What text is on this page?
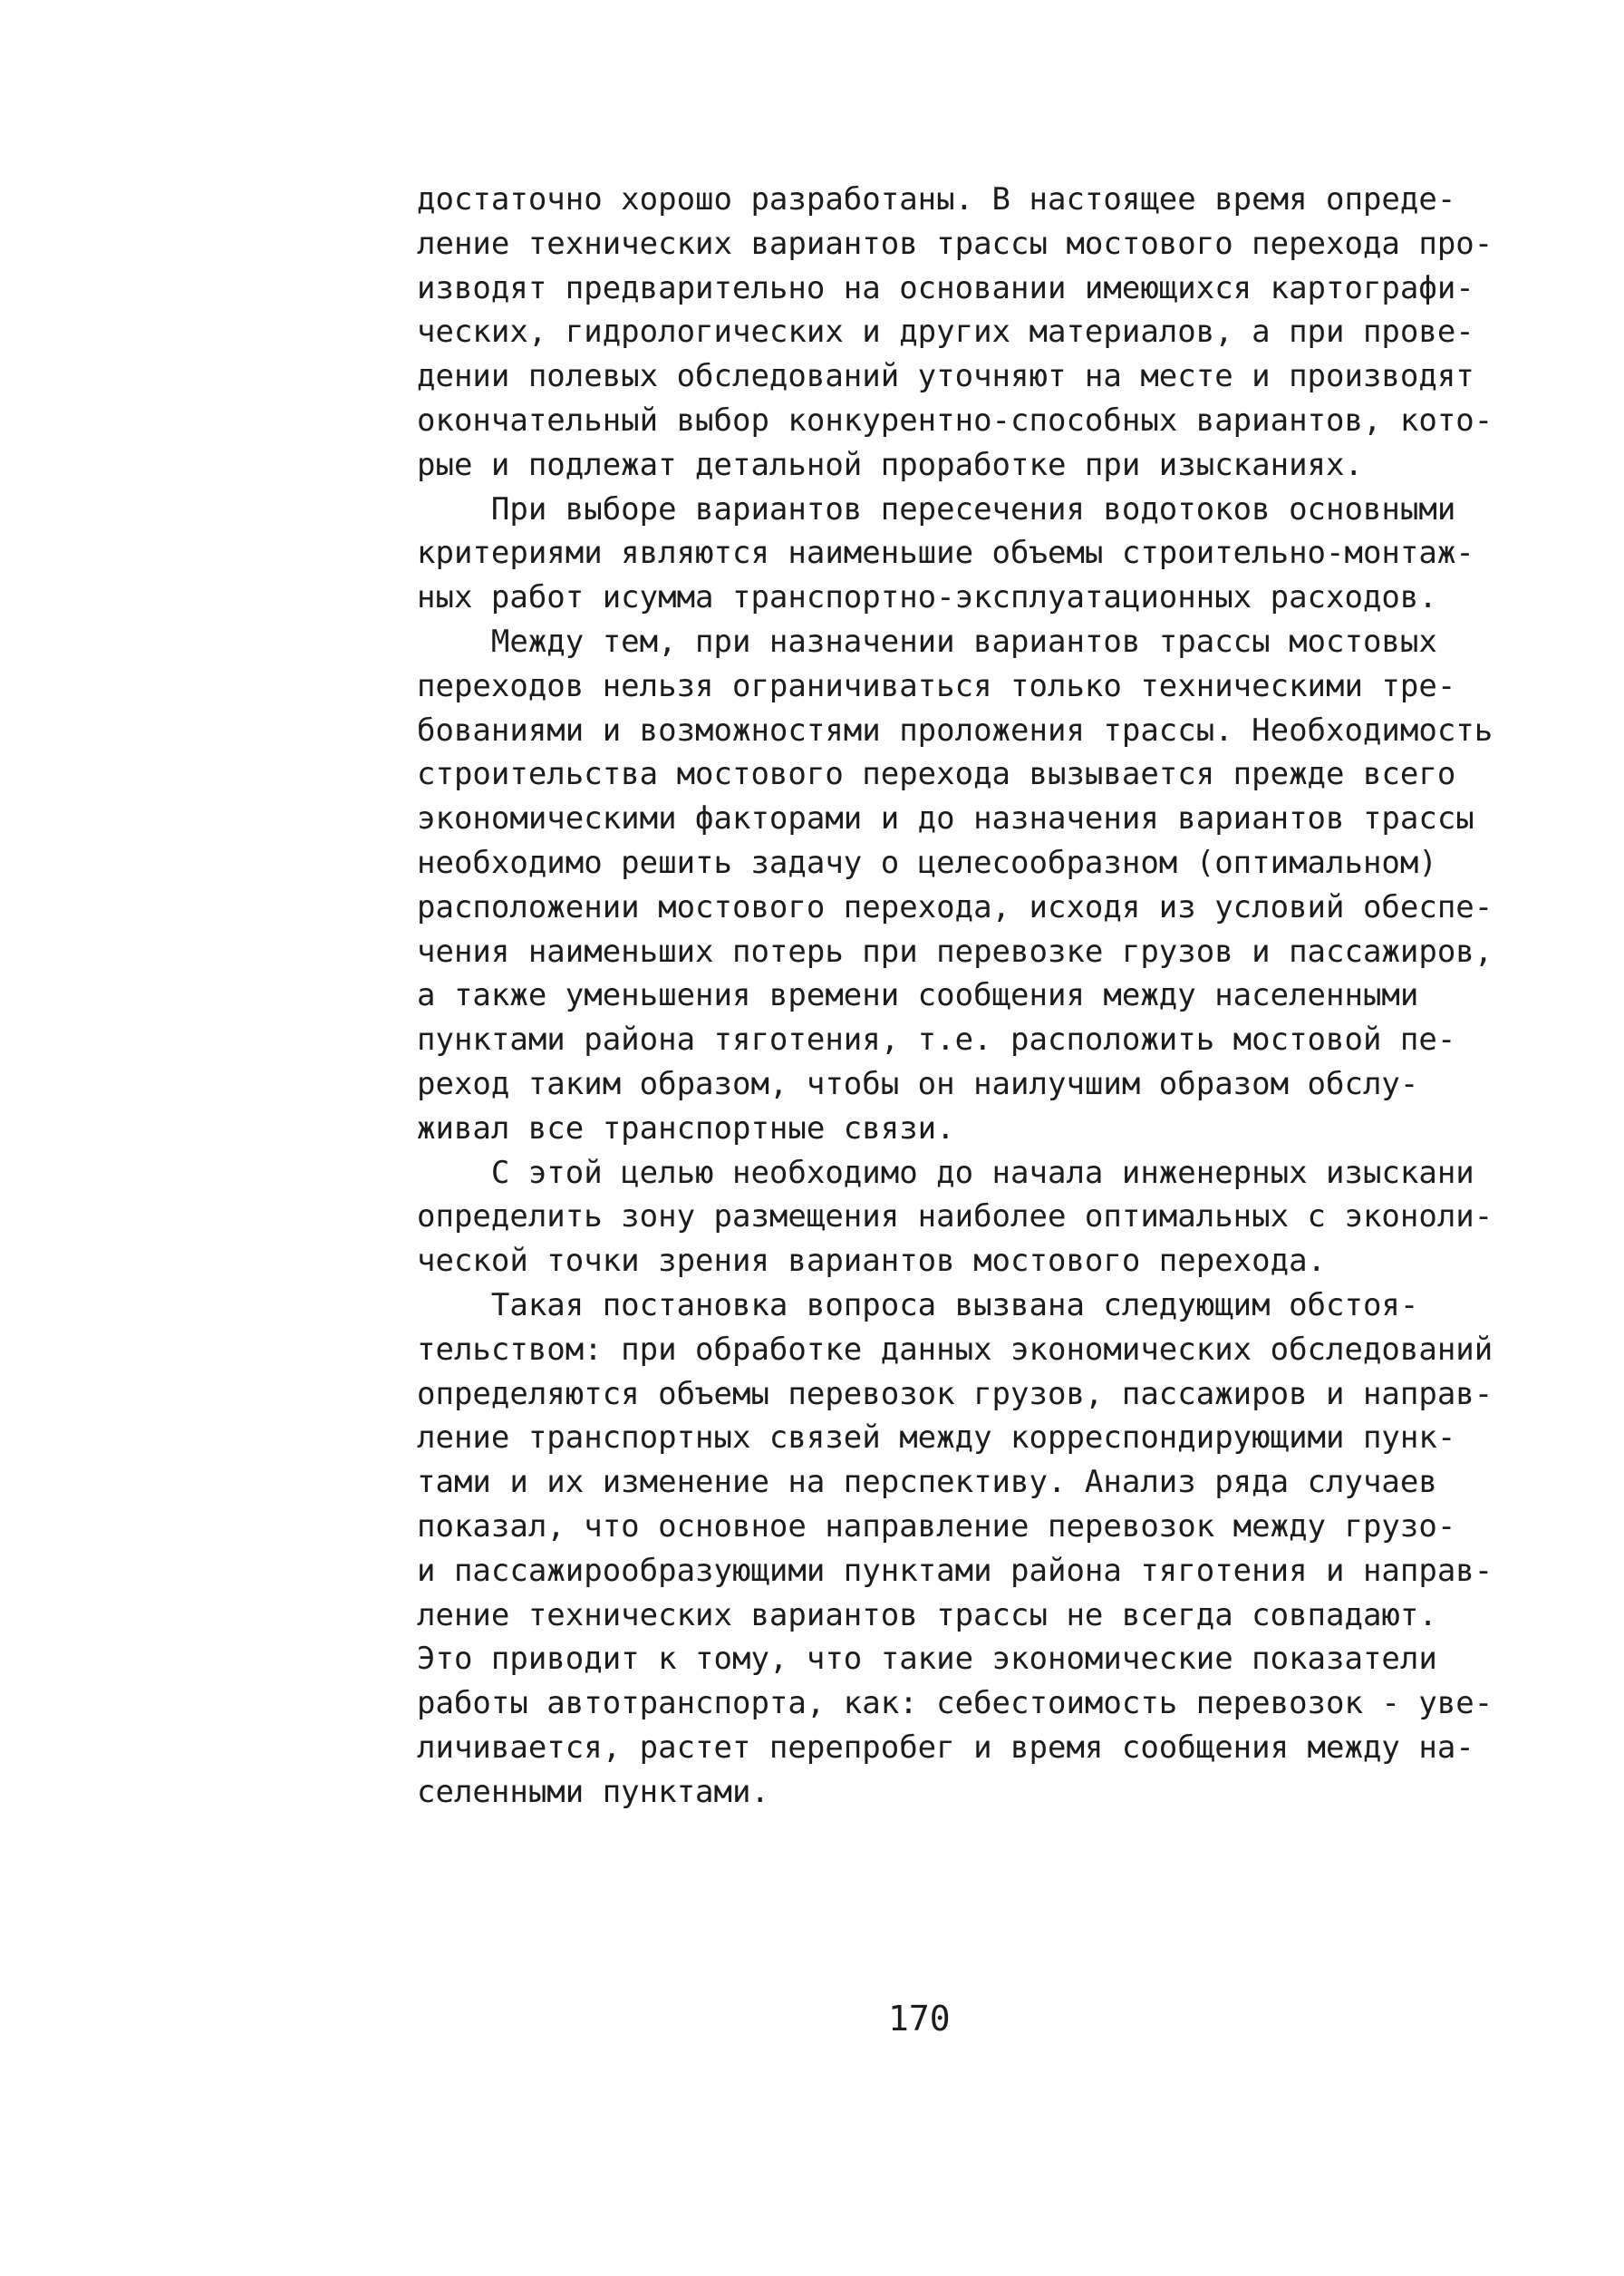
достаточно хорошо разработаны. В настоящее время опреде-
ление технических вариантов трассы мостового перехода про-
изводят предварительно на основании имеющихся картографи-
ческих, гидрологических и других материалов, а при прове-
дении полевых обследований уточняют на месте и производят
окончательный выбор конкурентно-способных вариантов, кото-
рые и подлежат детальной проработке при изысканиях.
При выборе вариантов пересечения водотоков основными
критериями являются наименьшие объемы строительно-монтаж-
ных работ исумма транспортно-эксплуатационных расходов.
Между тем, при назначении вариантов трассы мостовых
переходов нельзя ограничиваться только техническими тре-
бованиями и возможностями проложения трассы. Необходимость
строительства мостового перехода вызывается прежде всего
экономическими факторами и до назначения вариантов трассы
необходимо решить задачу о целесообразном (оптимальном)
расположении мостового перехода, исходя из условий обеспе-
чения наименьших потерь при перевозке грузов и пассажиров,
а также уменьшения времени сообщения между населенными
пунктами района тяготения, т.е. расположить мостовой пе-
реход таким образом, чтобы он наилучшим образом обслу-
живал все транспортные связи.
С этой целью необходимо до начала инженерных изыскани
определить зону размещения наиболее оптимальных с эконоли-
ческой точки зрения вариантов мостового перехода.
Такая постановка вопроса вызвана следующим обстоя-
тельством: при обработке данных экономических обследований
определяются объемы перевозок грузов, пассажиров и направ-
ление транспортных связей между корреспондирующими пунк-
тами и их изменение на перспективу. Анализ ряда случаев
показал, что основное направление перевозок между грузо-
и пассажирообразующими пунктами района тяготения и направ-
ление технических вариантов трассы не всегда совпадают.
Это приводит к тому, что такие экономические показатели
работы автотранспорта, как: себестоимость перевозок - уве-
личивается, растет перепробег и время сообщения между на-
селенными пунктами.
170
